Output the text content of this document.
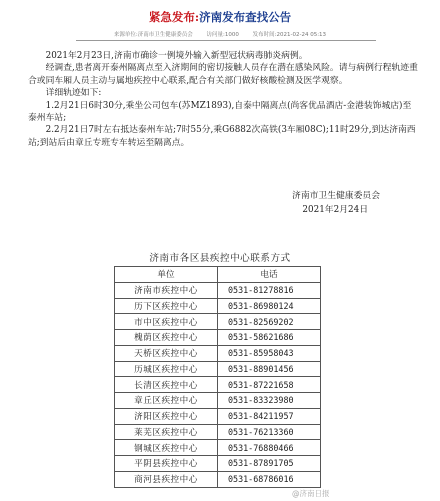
紧急发布:济南发布查找公告
来源单位:济南市卫生健康委员会	访问量:1000	发布时间:2021-02-24 05:13
2021年2月23日,济南市确诊一例境外输入新型冠状病毒肺炎病例。
经调查,患者离开泰州隔离点至入济期间的密切接触人员存在潜在感染风险。请与病例行程轨迹重合或同车厢人员主动与属地疾控中心联系,配合有关部门做好核酸检测及医学观察。
详细轨迹如下:
1.2月21日6时30分,乘坐公司包车(苏MZ1893),自泰中隔离点(尚客优品酒店-金港装饰城店)至泰州车站;
2.2月21日7时左右抵达泰州车站;7时55分,乘G6882次高铁(3车厢08C);11时29分,到达济南西站;到站后由章丘专班专车转运至隔离点。
济南市卫生健康委员会
2021年2月24日
济南市各区县疾控中心联系方式
单位	电话
济南市疾控中心	0531-81278816
历下区疾控中心	0531-86980124
市中区疾控中心	0531-82569202
槐荫区疾控中心	0531-58621686
天桥区疾控中心	0531-85958043
历城区疾控中心	0531-88901456
长清区疾控中心	0531-87221658
章丘区疾控中心	0531-83323980
济阳区疾控中心	0531-84211957
莱芜区疾控中心	0531-76213360
钢城区疾控中心	0531-76880466
平阴县疾控中心	0531-87891705
商河县疾控中心	0531-68786016
@济南日报
